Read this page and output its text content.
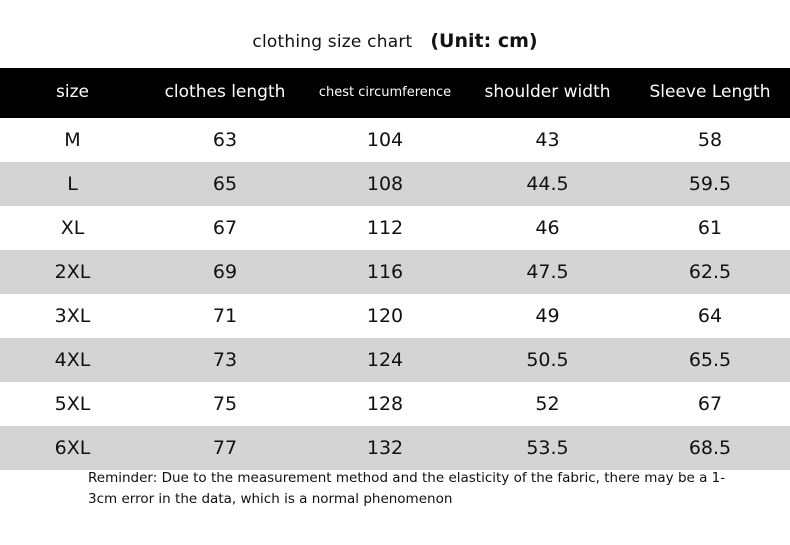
clothing size chart (Unit: cm)
size	clothes length	chest circumference	shoulder width	Sleeve Length
M	63	104	43	58
L	65	108	44.5	59.5
XL	67	112	46	61
2XL	69	116	47.5	62.5
3XL	71	120	49	64
4XL	73	124	50.5	65.5
5XL	75	128	52	67
6XL	77	132	53.5	68.5
Reminder: Due to the measurement method and the elasticity of the fabric, there may be a 1-3cm error in the data, which is a normal phenomenon
